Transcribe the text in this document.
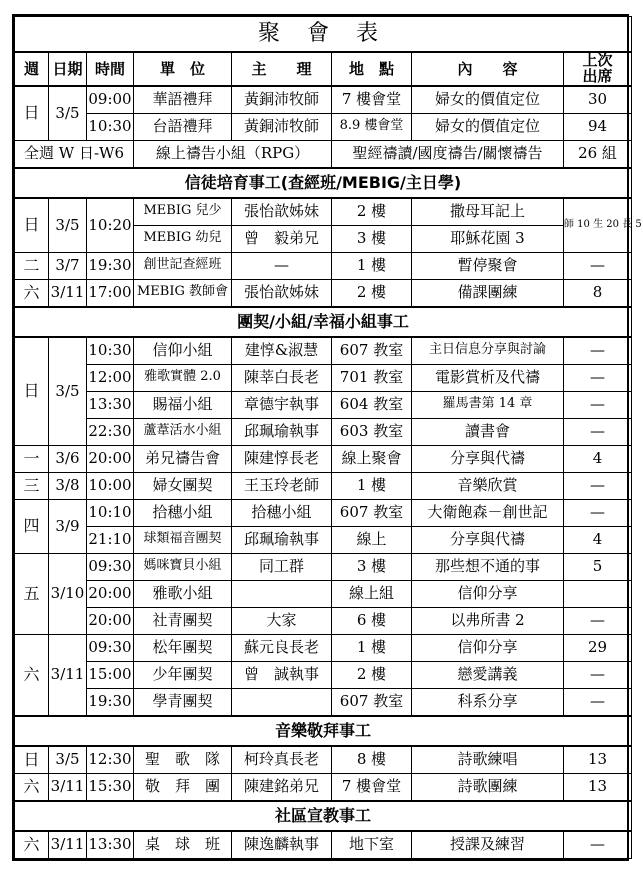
聚 會 表							
週	日期	時間	單　位	主　　理	地　點	內　　容	上次
出席
日	3/5	09:00	華語禮拜	黃銅沛牧師	7 樓會堂	婦女的價值定位	30
		10:30	台語禮拜	黃銅沛牧師	8.9 樓會堂	婦女的價值定位	94
全週 W 日-W6			線上禱告小組（RPG）		聖經禱讀/國度禱告/關懷禱告		26 組
信徒培育事工(查經班/MEBIG/主日學)							
日	3/5	10:20	MEBIG 兒少	張怡歆姊妹	2 樓	撒母耳記上	師 10 生 20 長 5
			MEBIG 幼兒	曾　毅弟兄	3 樓	耶穌花園 3	
二	3/7	19:30	創世記查經班	—	1 樓	暫停聚會	—
六	3/11	17:00	MEBIG 教師會	張怡歆姊妹	2 樓	備課團練	8
團契/小組/幸福小組事工							
日	3/5	10:30	信仰小組	建惇&淑慧	607 教室	主日信息分享與討論	—
		12:00	雅歌實體 2.0	陳莘白長老	701 教室	電影賞析及代禱	—
		13:30	賜福小組	章德宇執事	604 教室	羅馬書第 14 章	—
		22:30	蘆葦活水小組	邱珮瑜執事	603 教室	讀書會	—
一	3/6	20:00	弟兄禱告會	陳建惇長老	線上聚會	分享與代禱	4
三	3/8	10:00	婦女團契	王玉玲老師	1 樓	音樂欣賞	—
四	3/9	10:10	拾穗小組	拾穗小組	607 教室	大衛飽森－創世記	—
		21:10	球類福音團契	邱珮瑜執事	線上	分享與代禱	4
五	3/10	09:30	媽咪寶貝小組	同工群	3 樓	那些想不通的事	5
		20:00	雅歌小組		線上組	信仰分享	
		20:00	社青團契	大家	6 樓	以弗所書 2	—
六	3/11	09:30	松年團契	蘇元良長老	1 樓	信仰分享	29
		15:00	少年團契	曾　誠執事	2 樓	戀愛講義	—
		19:30	學青團契		607 教室	科系分享	—
音樂敬拜事工							
日	3/5	12:30	聖　歌　隊	柯玲真長老	8 樓	詩歌練唱	13
六	3/11	15:30	敬　拜　團	陳建銘弟兄	7 樓會堂	詩歌團練	13
社區宣教事工							
六	3/11	13:30	桌　球　班	陳逸麟執事	地下室	授課及練習	—
